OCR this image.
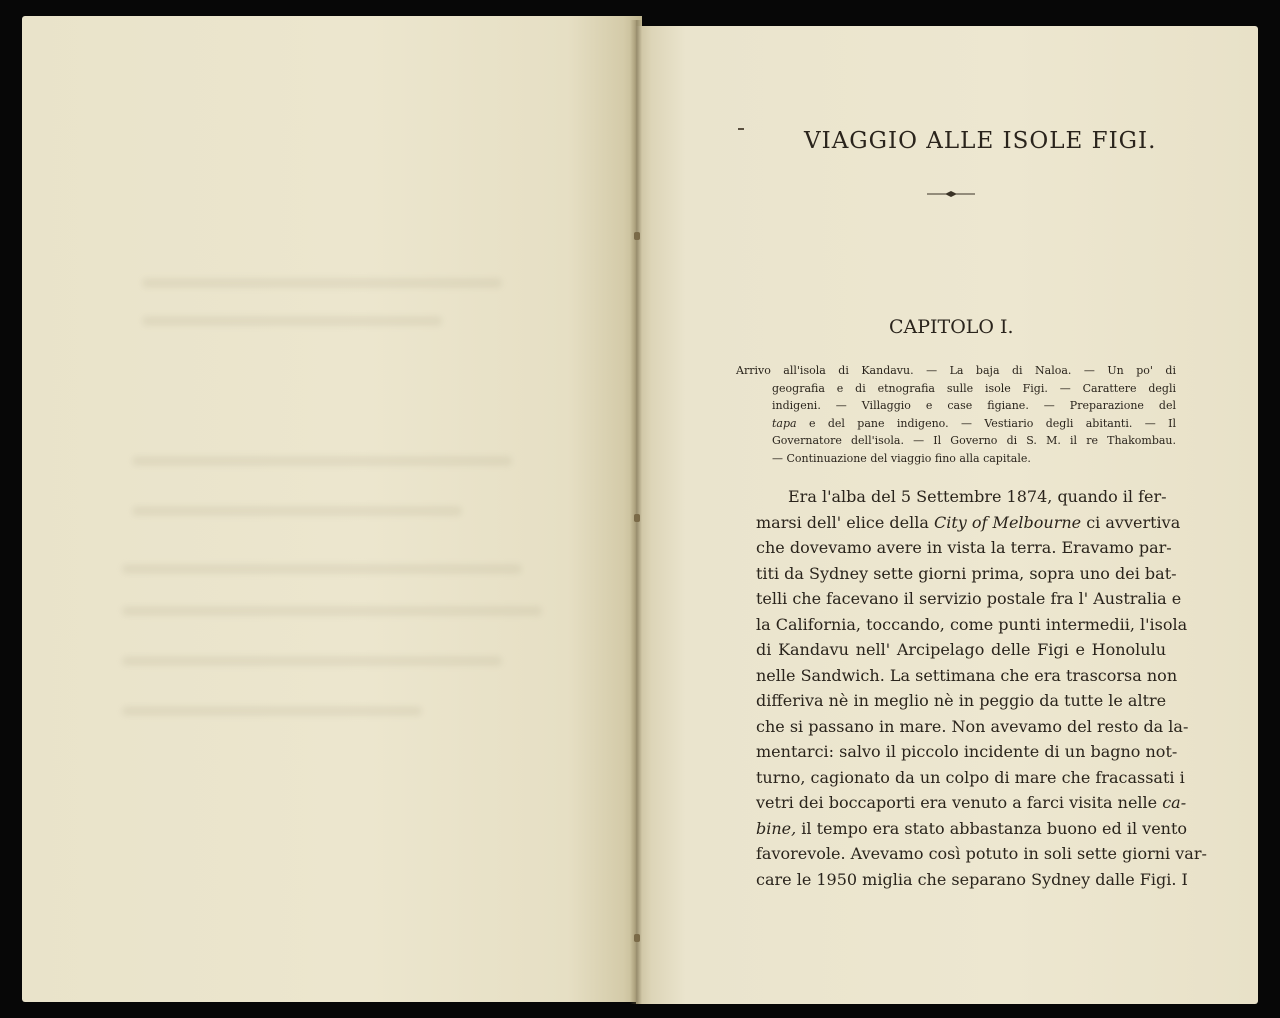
VIAGGIO ALLE ISOLE FIGI.
CAPITOLO I.
Arrivo all'isola di Kandavu. — La baja di Naloa. — Un po' di
geografia e di etnografia sulle isole Figi. — Carattere degli
indigeni. — Villaggio e case figiane. — Preparazione del
tapa e del pane indigeno. — Vestiario degli abitanti. — Il
Governatore dell'isola. — Il Governo di S. M. il re Thakombau.
— Continuazione del viaggio fino alla capitale.
Era l'alba del 5 Settembre 1874, quando il fer-
marsi dell' elice della City of Melbourne ci avvertiva
che dovevamo avere in vista la terra. Eravamo par-
titi da Sydney sette giorni prima, sopra uno dei bat-
telli che facevano il servizio postale fra l' Australia e
la California, toccando, come punti intermedii, l'isola
di Kandavu nell' Arcipelago delle Figi e Honolulu
nelle Sandwich. La settimana che era trascorsa non
differiva nè in meglio nè in peggio da tutte le altre
che si passano in mare. Non avevamo del resto da la-
mentarci: salvo il piccolo incidente di un bagno not-
turno, cagionato da un colpo di mare che fracassati i
vetri dei boccaporti era venuto a farci visita nelle ca-
bine, il tempo era stato abbastanza buono ed il vento
favorevole. Avevamo così potuto in soli sette giorni var-
care le 1950 miglia che separano Sydney dalle Figi. I
